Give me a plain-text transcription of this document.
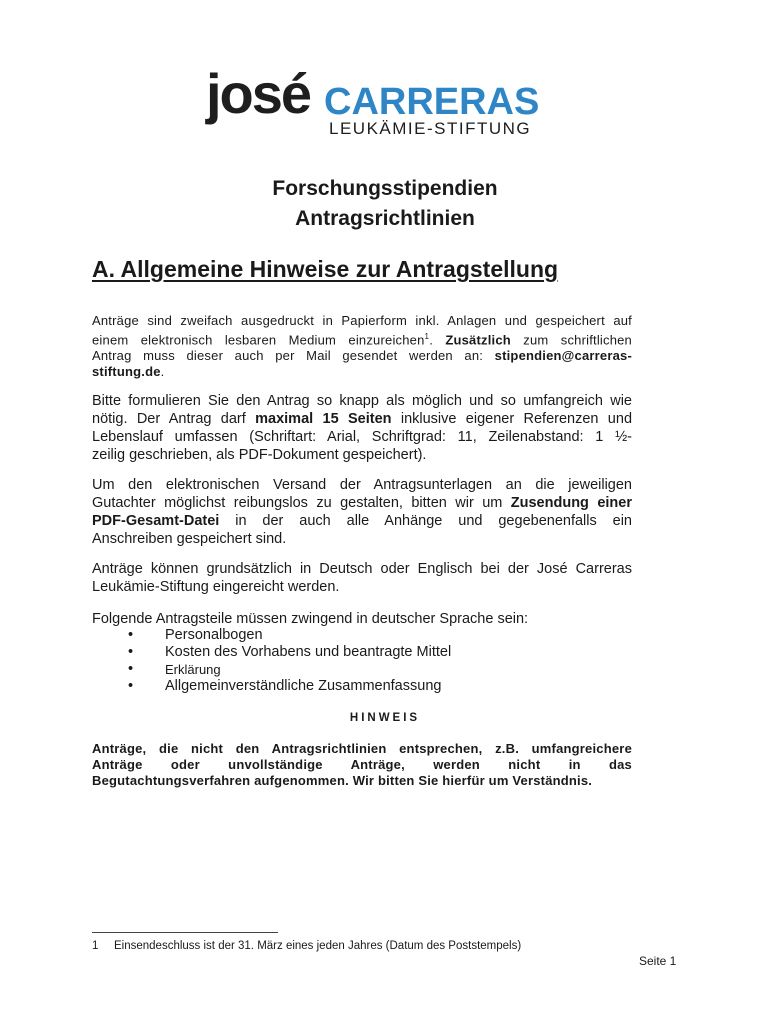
josé CARRERAS
LEUKÄMIE-STIFTUNG
Forschungsstipendien
Antragsrichtlinien
A. Allgemeine Hinweise zur Antragstellung
Anträge sind zweifach ausgedruckt in Papierform inkl. Anlagen und gespeichert auf
einem elektronisch lesbaren Medium einzureichen$^1$. Zusätzlich zum schriftlichen
Antrag muss dieser auch per Mail gesendet werden an: stipendien@carreras-
stiftung.de.
Bitte formulieren Sie den Antrag so knapp als möglich und so umfangreich wie
nötig. Der Antrag darf maximal 15 Seiten inklusive eigener Referenzen und
Lebenslauf umfassen (Schriftart: Arial, Schriftgrad: 11, Zeilenabstand: 1 ½-
zeilig geschrieben, als PDF-Dokument gespeichert).
Um den elektronischen Versand der Antragsunterlagen an die jeweiligen
Gutachter möglichst reibungslos zu gestalten, bitten wir um Zusendung einer
PDF-Gesamt-Datei in der auch alle Anhänge und gegebenenfalls ein
Anschreiben gespeichert sind.
Anträge können grundsätzlich in Deutsch oder Englisch bei der José Carreras
Leukämie-Stiftung eingereicht werden.
Folgende Antragsteile müssen zwingend in deutscher Sprache sein:
• Personalbogen
• Kosten des Vorhabens und beantragte Mittel
• Erklärung
• Allgemeinverständliche Zusammenfassung
HINWEIS
Anträge, die nicht den Antragsrichtlinien entsprechen, z.B. umfangreichere
Anträge oder unvollständige Anträge, werden nicht in das
Begutachtungsverfahren aufgenommen. Wir bitten Sie hierfür um Verständnis.
1 Einsendeschluss ist der 31. März eines jeden Jahres (Datum des Poststempels)
Seite 1
